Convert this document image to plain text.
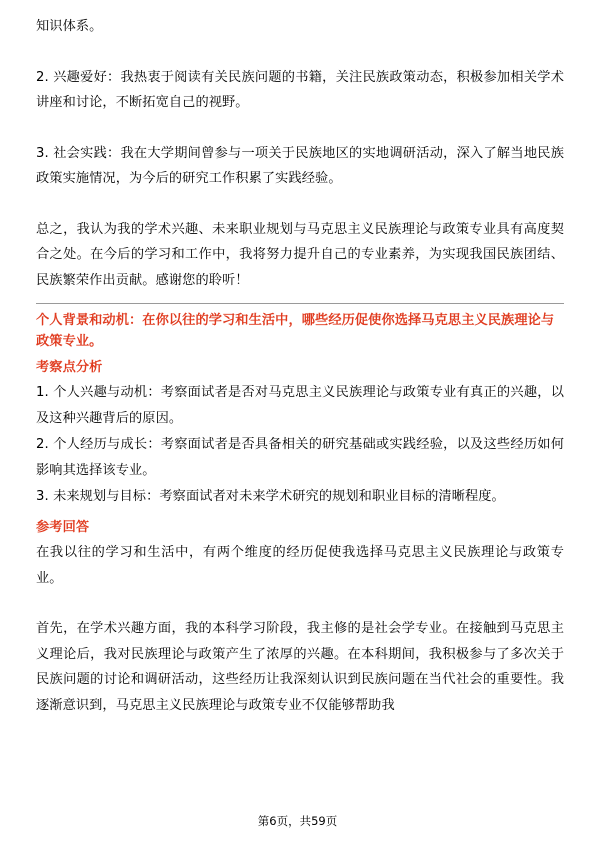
知识体系。

2. 兴趣爱好：我热衷于阅读有关民族问题的书籍，关注民族政策动态，积极参加相关学术讲座和讨论，不断拓宽自己的视野。

3. 社会实践：我在大学期间曾参与一项关于民族地区的实地调研活动，深入了解当地民族政策实施情况，为今后的研究工作积累了实践经验。

总之，我认为我的学术兴趣、未来职业规划与马克思主义民族理论与政策专业具有高度契合之处。在今后的学习和工作中，我将努力提升自己的专业素养，为实现我国民族团结、民族繁荣作出贡献。感谢您的聆听！

个人背景和动机：在你以往的学习和生活中，哪些经历促使你选择马克思主义民族理论与政策专业。

考察点分析

1. 个人兴趣与动机：考察面试者是否对马克思主义民族理论与政策专业有真正的兴趣，以及这种兴趣背后的原因。

2. 个人经历与成长：考察面试者是否具备相关的研究基础或实践经验，以及这些经历如何影响其选择该专业。

3. 未来规划与目标：考察面试者对未来学术研究的规划和职业目标的清晰程度。

参考回答

在我以往的学习和生活中，有两个维度的经历促使我选择马克思主义民族理论与政策专业。

首先，在学术兴趣方面，我的本科学习阶段，我主修的是社会学专业。在接触到马克思主义理论后，我对民族理论与政策产生了浓厚的兴趣。在本科期间，我积极参与了多次关于民族问题的讨论和调研活动，这些经历让我深刻认识到民族问题在当代社会的重要性。我逐渐意识到，马克思主义民族理论与政策专业不仅能够帮助我

第6页，共59页
